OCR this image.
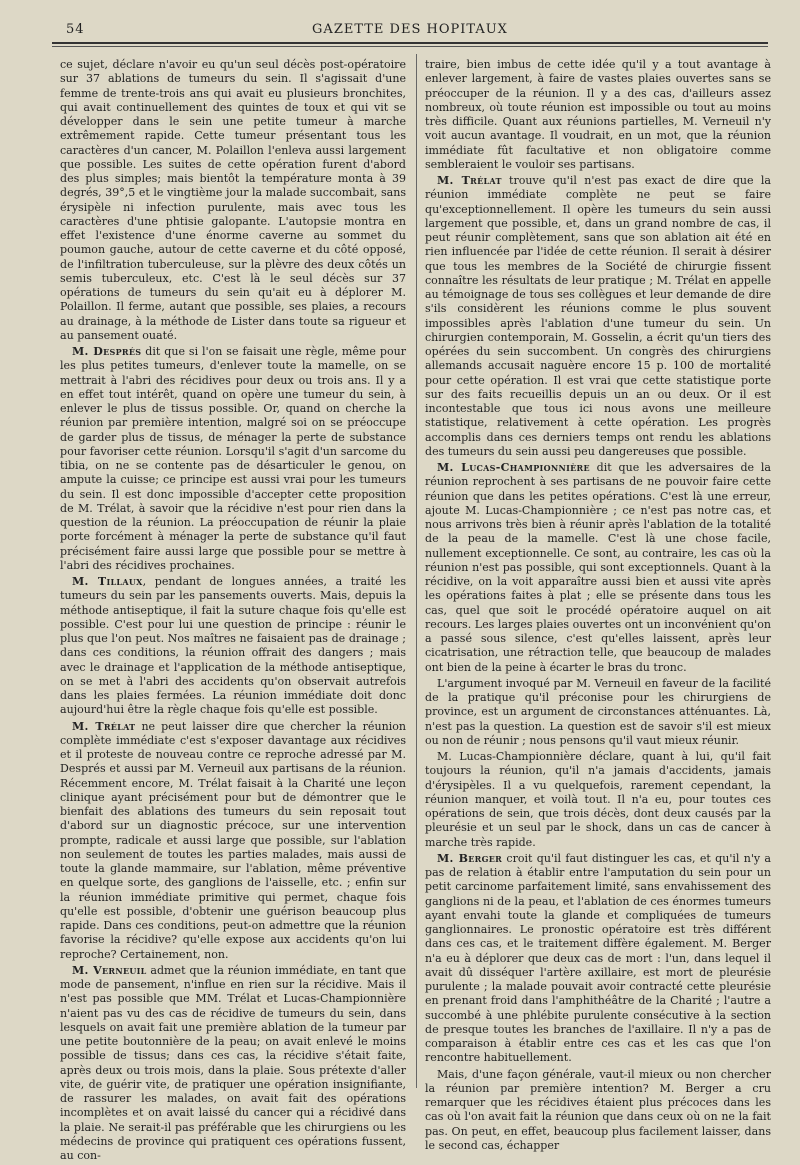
54	GAZETTE DES HOPITAUX

ce sujet, déclare n'avoir eu qu'un seul décès post-opératoire sur 37 ablations de tumeurs du sein. Il s'agissait d'une femme de trente-trois ans qui avait eu plusieurs bronchites, qui avait continuellement des quintes de toux et qui vit se développer dans le sein une petite tumeur à marche extrêmement rapide. Cette tumeur présentant tous les caractères d'un cancer, M. Polaillon l'enleva aussi largement que possible. Les suites de cette opération furent d'abord des plus simples; mais bientôt la température monta à 39 degrés, 39°,5 et le vingtième jour la malade succombait, sans érysipèle ni infection purulente, mais avec tous les caractères d'une phtisie galopante. L'autopsie montra en effet l'existence d'une énorme caverne au sommet du poumon gauche, autour de cette caverne et du côté opposé, de l'infiltration tuberculeuse, sur la plèvre des deux côtés un semis tuberculeux, etc. C'est là le seul décès sur 37 opérations de tumeurs du sein qu'ait eu à déplorer M. Polaillon. Il ferme, autant que possible, ses plaies, a recours au drainage, à la méthode de Lister dans toute sa rigueur et au pansement ouaté.

M. Després dit que si l'on se faisait une règle, même pour les plus petites tumeurs, d'enlever toute la mamelle, on se mettrait à l'abri des récidives pour deux ou trois ans. Il y a en effet tout intérêt, quand on opère une tumeur du sein, à enlever le plus de tissus possible. Or, quand on cherche la réunion par première intention, malgré soi on se préoccupe de garder plus de tissus, de ménager la perte de substance pour favoriser cette réunion. Lorsqu'il s'agit d'un sarcome du tibia, on ne se contente pas de désarticuler le genou, on ampute la cuisse; ce principe est aussi vrai pour les tumeurs du sein. Il est donc impossible d'accepter cette proposition de M. Trélat, à savoir que la récidive n'est pour rien dans la question de la réunion. La préoccupation de réunir la plaie porte forcément à ménager la perte de substance qu'il faut précisément faire aussi large que possible pour se mettre à l'abri des récidives prochaines.

M. Tillaux, pendant de longues années, a traité les tumeurs du sein par les pansements ouverts. Mais, depuis la méthode antiseptique, il fait la suture chaque fois qu'elle est possible. C'est pour lui une question de principe : réunir le plus que l'on peut. Nos maîtres ne faisaient pas de drainage ; dans ces conditions, la réunion offrait des dangers ; mais avec le drainage et l'application de la méthode antiseptique, on se met à l'abri des accidents qu'on observait autrefois dans les plaies fermées. La réunion immédiate doit donc aujourd'hui être la règle chaque fois qu'elle est possible.

M. Trélat ne peut laisser dire que chercher la réunion complète immédiate c'est s'exposer davantage aux récidives et il proteste de nouveau contre ce reproche adressé par M. Després et aussi par M. Verneuil aux partisans de la réunion. Récemment encore, M. Trélat faisait à la Charité une leçon clinique ayant précisément pour but de démontrer que le bienfait des ablations des tumeurs du sein reposait tout d'abord sur un diagnostic précoce, sur une intervention prompte, radicale et aussi large que possible, sur l'ablation non seulement de toutes les parties malades, mais aussi de toute la glande mammaire, sur l'ablation, même préventive en quelque sorte, des ganglions de l'aisselle, etc. ; enfin sur la réunion immédiate primitive qui permet, chaque fois qu'elle est possible, d'obtenir une guérison beaucoup plus rapide. Dans ces conditions, peut-on admettre que la réunion favorise la récidive? qu'elle expose aux accidents qu'on lui reproche? Certainement, non.

M. Verneuil admet que la réunion immédiate, en tant que mode de pansement, n'influe en rien sur la récidive. Mais il n'est pas possible que MM. Trélat et Lucas-Championnière n'aient pas vu des cas de récidive de tumeurs du sein, dans lesquels on avait fait une première ablation de la tumeur par une petite boutonnière de la peau; on avait enlevé le moins possible de tissus; dans ces cas, la récidive s'était faite, après deux ou trois mois, dans la plaie. Sous prétexte d'aller vite, de guérir vite, de pratiquer une opération insignifiante, de rassurer les malades, on avait fait des opérations incomplètes et on avait laissé du cancer qui a récidivé dans la plaie. Ne serait-il pas préférable que les chirurgiens ou les médecins de province qui pratiquent ces opérations fussent, au con-

traire, bien imbus de cette idée qu'il y a tout avantage à enlever largement, à faire de vastes plaies ouvertes sans se préoccuper de la réunion. Il y a des cas, d'ailleurs assez nombreux, où toute réunion est impossible ou tout au moins très difficile. Quant aux réunions partielles, M. Verneuil n'y voit aucun avantage. Il voudrait, en un mot, que la réunion immédiate fût facultative et non obligatoire comme sembleraient le vouloir ses partisans.

M. Trélat trouve qu'il n'est pas exact de dire que la réunion immédiate complète ne peut se faire qu'exceptionnellement. Il opère les tumeurs du sein aussi largement que possible, et, dans un grand nombre de cas, il peut réunir complètement, sans que son ablation ait été en rien influencée par l'idée de cette réunion. Il serait à désirer que tous les membres de la Société de chirurgie fissent connaître les résultats de leur pratique ; M. Trélat en appelle au témoignage de tous ses collègues et leur demande de dire s'ils considèrent les réunions comme le plus souvent impossibles après l'ablation d'une tumeur du sein. Un chirurgien contemporain, M. Gosselin, a écrit qu'un tiers des opérées du sein succombent. Un congrès des chirurgiens allemands accusait naguère encore 15 p. 100 de mortalité pour cette opération. Il est vrai que cette statistique porte sur des faits recueillis depuis un an ou deux. Or il est incontestable que tous ici nous avons une meilleure statistique, relativement à cette opération. Les progrès accomplis dans ces derniers temps ont rendu les ablations des tumeurs du sein aussi peu dangereuses que possible.

M. Lucas-Championnière dit que les adversaires de la réunion reprochent à ses partisans de ne pouvoir faire cette réunion que dans les petites opérations. C'est là une erreur, ajoute M. Lucas-Championnière ; ce n'est pas notre cas, et nous arrivons très bien à réunir après l'ablation de la totalité de la peau de la mamelle. C'est là une chose facile, nullement exceptionnelle. Ce sont, au contraire, les cas où la réunion n'est pas possible, qui sont exceptionnels. Quant à la récidive, on la voit apparaître aussi bien et aussi vite après les opérations faites à plat ; elle se présente dans tous les cas, quel que soit le procédé opératoire auquel on ait recours. Les larges plaies ouvertes ont un inconvénient qu'on a passé sous silence, c'est qu'elles laissent, après leur cicatrisation, une rétraction telle, que beaucoup de malades ont bien de la peine à écarter le bras du tronc.

L'argument invoqué par M. Verneuil en faveur de la facilité de la pratique qu'il préconise pour les chirurgiens de province, est un argument de circonstances atténuantes. Là, n'est pas la question. La question est de savoir s'il est mieux ou non de réunir ; nous pensons qu'il vaut mieux réunir.

M. Lucas-Championnière déclare, quant à lui, qu'il fait toujours la réunion, qu'il n'a jamais d'accidents, jamais d'érysipèles. Il a vu quelquefois, rarement cependant, la réunion manquer, et voilà tout. Il n'a eu, pour toutes ces opérations de sein, que trois décès, dont deux causés par la pleurésie et un seul par le shock, dans un cas de cancer à marche très rapide.

M. Berger croit qu'il faut distinguer les cas, et qu'il n'y a pas de relation à établir entre l'amputation du sein pour un petit carcinome parfaitement limité, sans envahissement des ganglions ni de la peau, et l'ablation de ces énormes tumeurs ayant envahi toute la glande et compliquées de tumeurs ganglionnaires. Le pronostic opératoire est très différent dans ces cas, et le traitement diffère également. M. Berger n'a eu à déplorer que deux cas de mort : l'un, dans lequel il avait dû disséquer l'artère axillaire, est mort de pleurésie purulente ; la malade pouvait avoir contracté cette pleurésie en prenant froid dans l'amphithéâtre de la Charité ; l'autre a succombé à une phlébite purulente consécutive à la section de presque toutes les branches de l'axillaire. Il n'y a pas de comparaison à établir entre ces cas et les cas que l'on rencontre habituellement.

Mais, d'une façon générale, vaut-il mieux ou non chercher la réunion par première intention? M. Berger a cru remarquer que les récidives étaient plus précoces dans les cas où l'on avait fait la réunion que dans ceux où on ne la fait pas. On peut, en effet, beaucoup plus facilement laisser, dans le second cas, échapper
